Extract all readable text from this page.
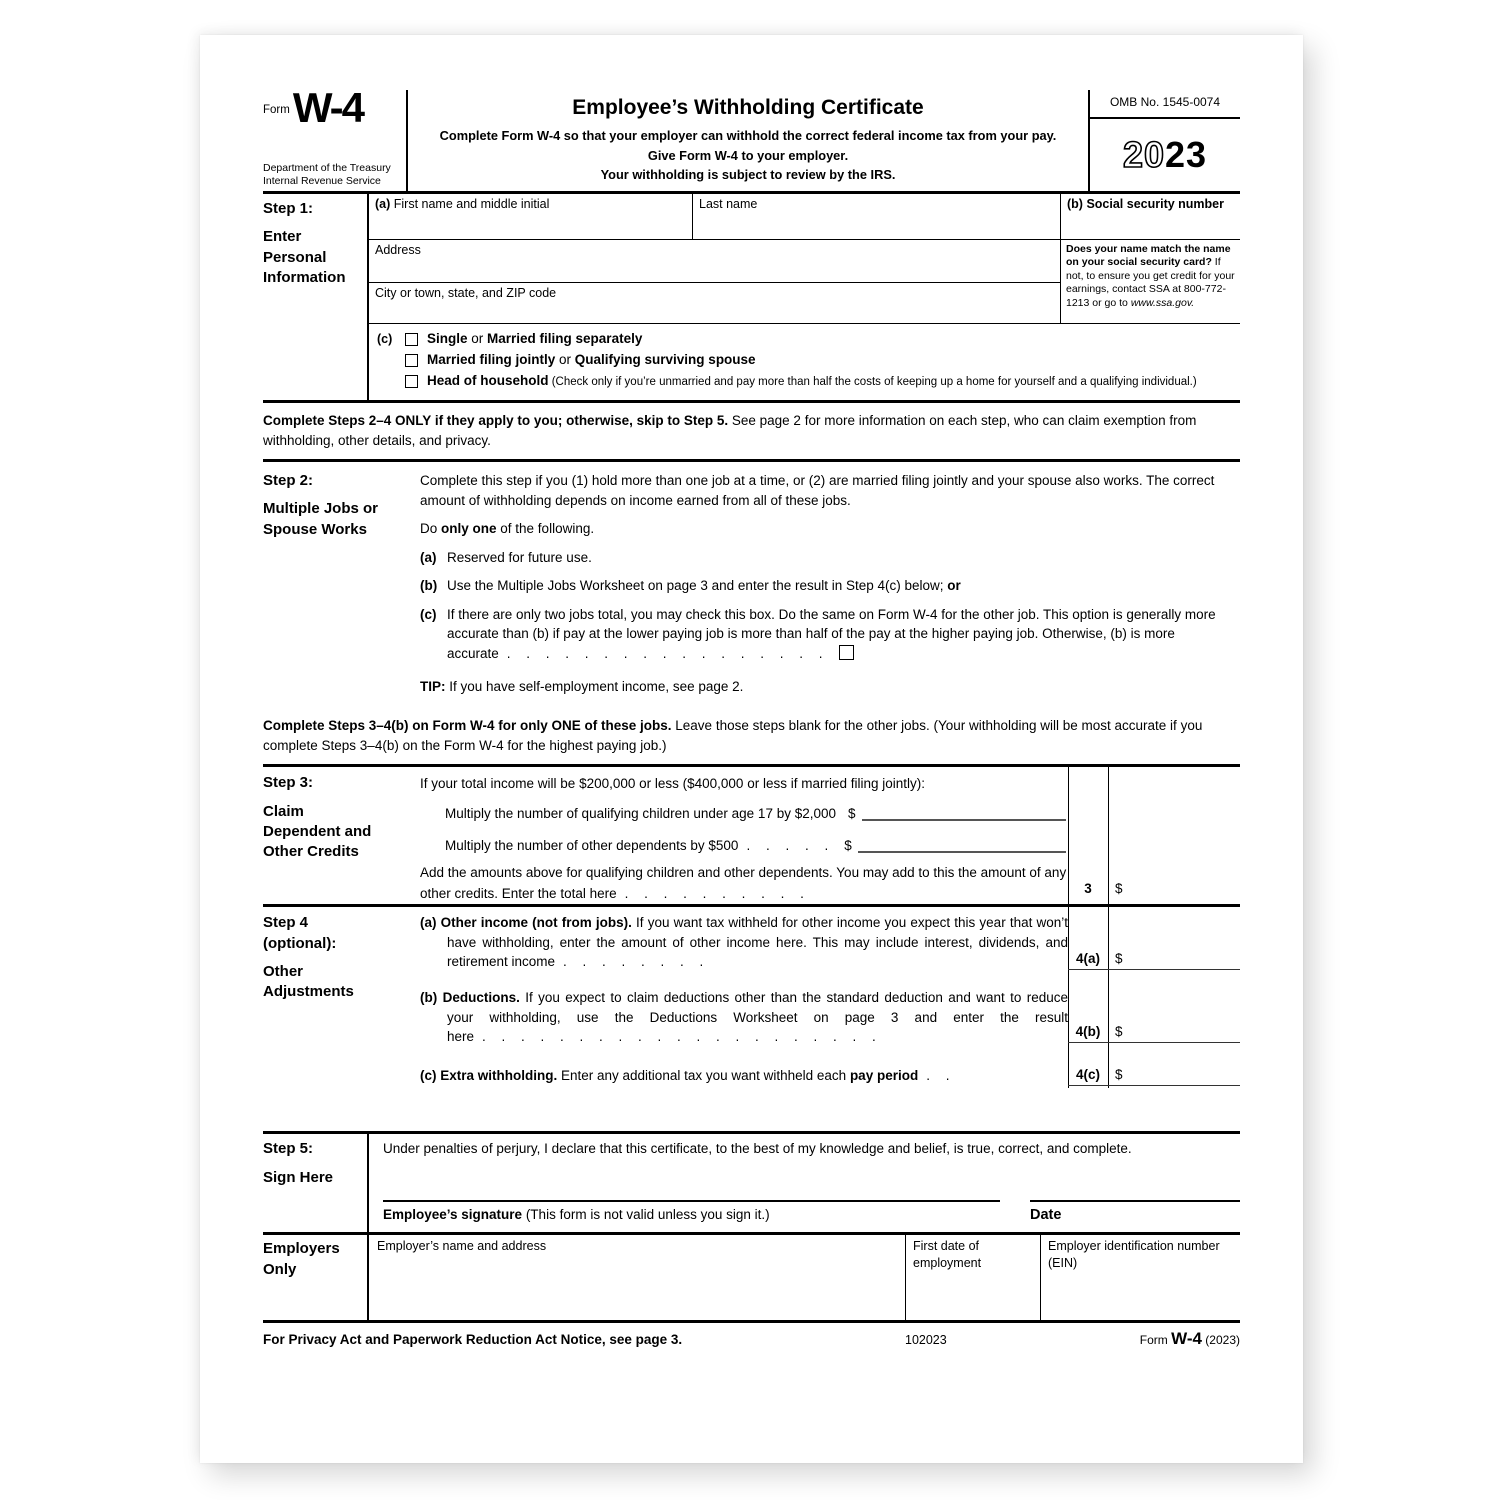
Form W-4
Department of the Treasury
Internal Revenue Service
Employee’s Withholding Certificate
Complete Form W-4 so that your employer can withhold the correct federal income tax from your pay.
Give Form W-4 to your employer.
Your withholding is subject to review by the IRS.
OMB No. 1545-0074
20 23
Step 1:
Enter Personal Information
(a) First name and middle initial	Last name	(b) Social security number
Address
City or town, state, and ZIP code
Does your name match the name on your social security card? If not, to ensure you get credit for your earnings, contact SSA at 800-772-1213 or go to www.ssa.gov.
(c)	Single or Married filing separately
Married filing jointly or Qualifying surviving spouse
Head of household (Check only if you’re unmarried and pay more than half the costs of keeping up a home for yourself and a qualifying individual.)
Complete Steps 2–4 ONLY if they apply to you; otherwise, skip to Step 5. See page 2 for more information on each step, who can claim exemption from withholding, other details, and privacy.
Step 2:
Multiple Jobs or Spouse Works
Complete this step if you (1) hold more than one job at a time, or (2) are married filing jointly and your spouse also works. The correct amount of withholding depends on income earned from all of these jobs.
Do only one of the following.
(a) Reserved for future use.
(b) Use the Multiple Jobs Worksheet on page 3 and enter the result in Step 4(c) below; or
(c) If there are only two jobs total, you may check this box. Do the same on Form W-4 for the other job. This option is generally more accurate than (b) if pay at the lower paying job is more than half of the pay at the higher paying job. Otherwise, (b) is more accurate . . . . . . . . . . . . . . . . .
TIP: If you have self-employment income, see page 2.
Complete Steps 3–4(b) on Form W-4 for only ONE of these jobs. Leave those steps blank for the other jobs. (Your withholding will be most accurate if you complete Steps 3–4(b) on the Form W-4 for the highest paying job.)
Step 3:
Claim Dependent and Other Credits
If your total income will be $200,000 or less ($400,000 or less if married filing jointly):
Multiply the number of qualifying children under age 17 by $2,000 $
Multiply the number of other dependents by $500 . . . . . $
Add the amounts above for qualifying children and other dependents. You may add to this the amount of any other credits. Enter the total here . . . . . . . . . .	3	$
Step 4 (optional):
Other Adjustments
(a) Other income (not from jobs). If you want tax withheld for other income you expect this year that won’t have withholding, enter the amount of other income here. This may include interest, dividends, and retirement income . . . . . . . .	4(a)	$
(b) Deductions. If you expect to claim deductions other than the standard deduction and want to reduce your withholding, use the Deductions Worksheet on page 3 and enter the result here . . . . . . . . . . . . . . . . . . . . .	4(b)	$
(c) Extra withholding. Enter any additional tax you want withheld each pay period . .	4(c)	$
Step 5:
Sign Here
Under penalties of perjury, I declare that this certificate, to the best of my knowledge and belief, is true, correct, and complete.
Employee’s signature (This form is not valid unless you sign it.)	Date
Employers Only
Employer’s name and address	First date of employment
Employer identification number (EIN)
For Privacy Act and Paperwork Reduction Act Notice, see page 3.	102023	Form W-4 (2023)
